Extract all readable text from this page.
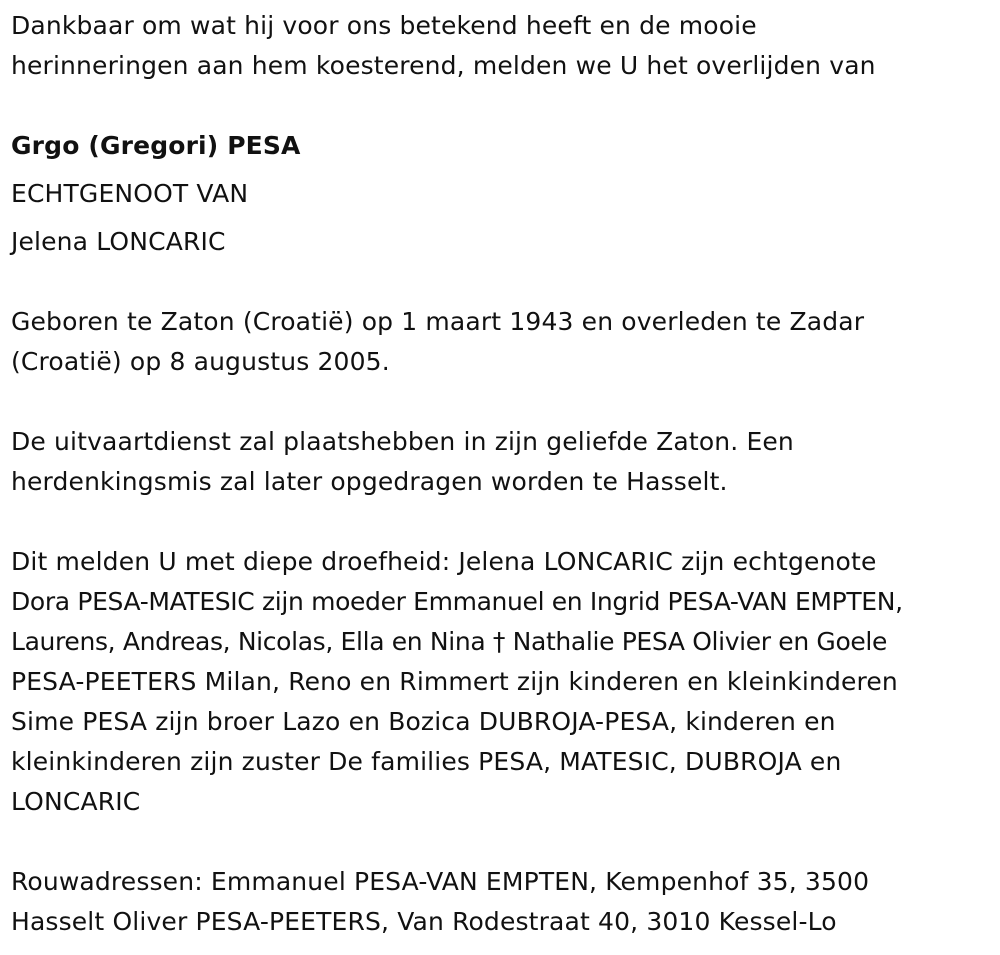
Dankbaar om wat hij voor ons betekend heeft en de mooie

herinneringen aan hem koesterend, melden we U het overlijden van

Grgo (Gregori) PESA

ECHTGENOOT VAN

Jelena LONCARIC

Geboren te Zaton (Croatië) op 1 maart 1943 en overleden te Zadar

(Croatië) op 8 augustus 2005.

De uitvaartdienst zal plaatshebben in zijn geliefde Zaton. Een

herdenkingsmis zal later opgedragen worden te Hasselt.

Dit melden U met diepe droefheid: Jelena LONCARIC zijn echtgenote

Dora PESA-MATESIC zijn moeder Emmanuel en Ingrid PESA-VAN EMPTEN,

Laurens, Andreas, Nicolas, Ella en Nina † Nathalie PESA Olivier en Goele

PESA-PEETERS Milan, Reno en Rimmert zijn kinderen en kleinkinderen

Sime PESA zijn broer Lazo en Bozica DUBROJA-PESA, kinderen en

kleinkinderen zijn zuster De families PESA, MATESIC, DUBROJA en

LONCARIC

Rouwadressen: Emmanuel PESA-VAN EMPTEN, Kempenhof 35, 3500

Hasselt Oliver PESA-PEETERS, Van Rodestraat 40, 3010 Kessel-Lo
